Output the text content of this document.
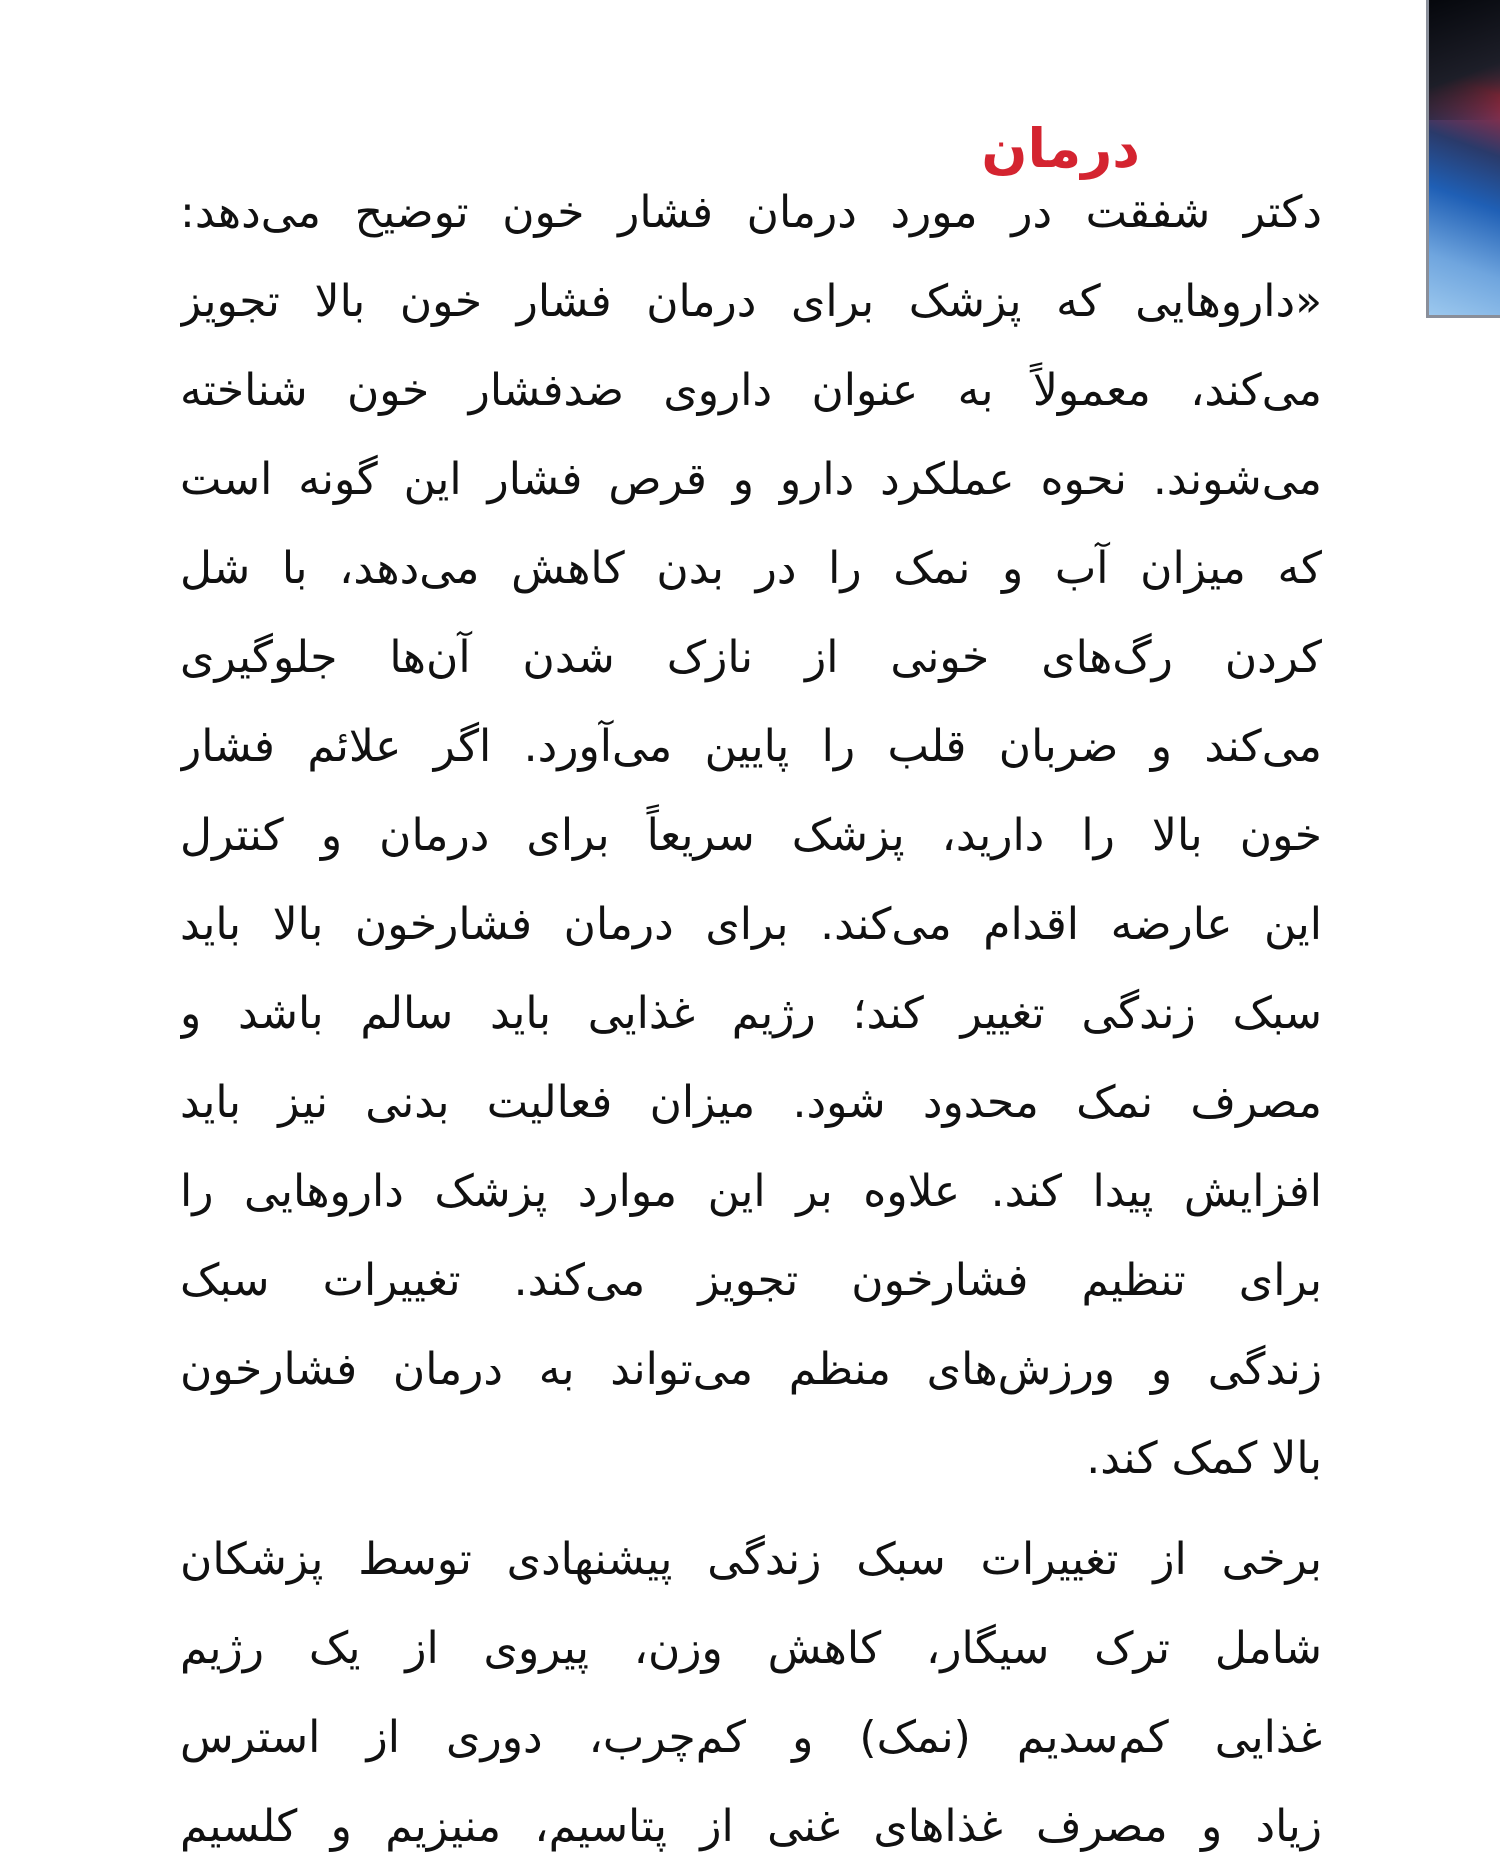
درمان
دکتر شفقت در مورد درمان فشار خون توضیح می‌دهد:
«داروهایی که پزشک برای درمان فشار خون بالا تجویز
می‌کند، معمولاً به عنوان داروی ضدفشار خون شناخته
می‌شوند. نحوه عملکرد دارو و قرص فشار این گونه است
که میزان آب و نمک را در بدن کاهش می‌دهد، با شل
کردن رگ‌های خونی از نازک شدن آن‌ها جلوگیری
می‌کند و ضربان قلب را پایین می‌آورد. اگر علائم فشار
خون بالا را دارید، پزشک سریعاً برای درمان و کنترل
این عارضه اقدام می‌کند. برای درمان فشارخون بالا باید
سبک زندگی تغییر کند؛ رژیم غذایی باید سالم باشد و
مصرف نمک محدود شود. میزان فعالیت بدنی نیز باید
افزایش پیدا کند. علاوه بر این موارد پزشک داروهایی را
برای تنظیم فشارخون تجویز می‌کند. تغییرات سبک
زندگی و ورزش‌های منظم می‌تواند به درمان فشارخون
بالا کمک کند.
برخی از تغییرات سبک زندگی پیشنهادی توسط پزشکان
شامل ترک سیگار، کاهش وزن، پیروی از یک رژیم
غذایی کم‌سدیم (نمک) و کم‌چرب، دوری از استرس
زیاد و مصرف غذاهای غنی از پتاسیم، منیزیم و کلسیم
